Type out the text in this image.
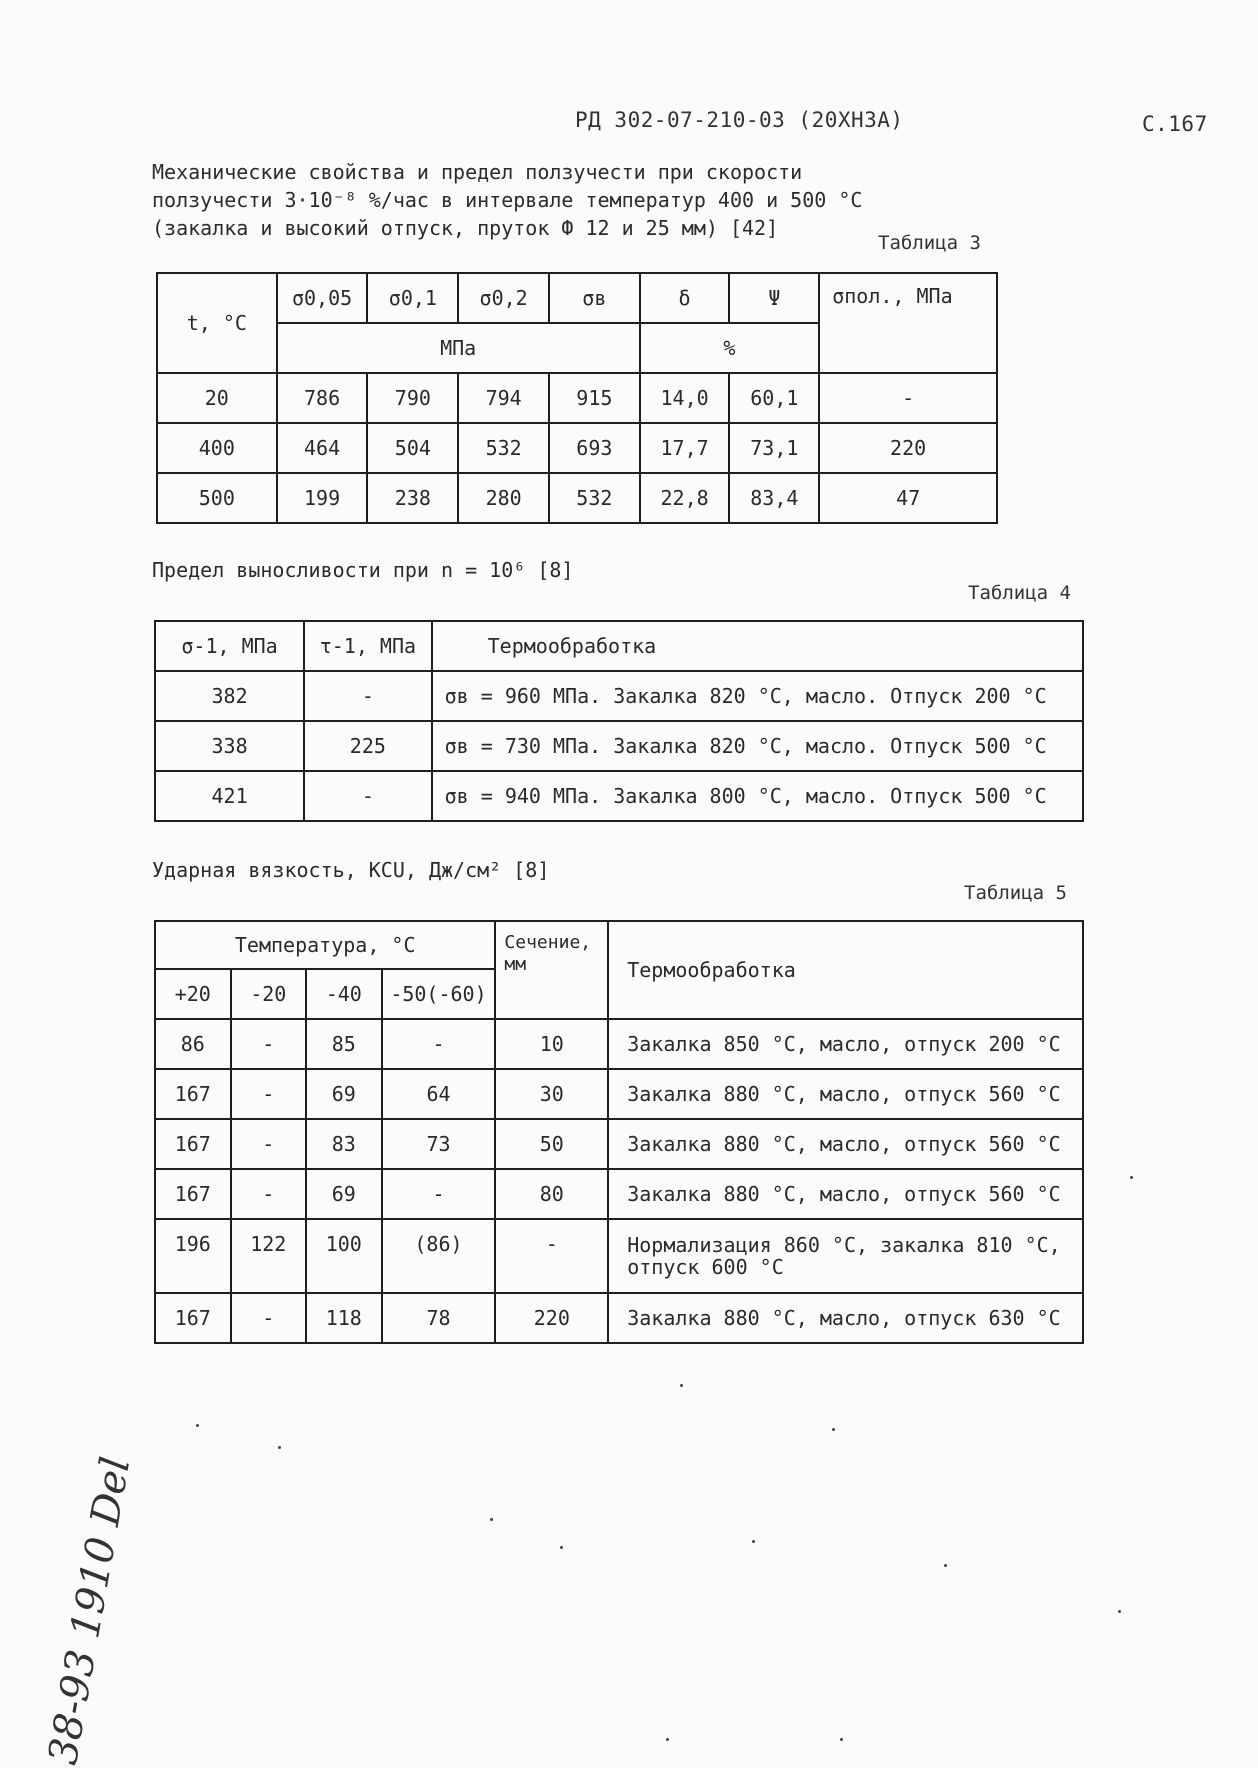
РД 302-07-210-03 (20ХН3А)	С.167
Механические свойства и предел ползучести при скорости
ползучести 3·10⁻⁸ %/час в интервале температур 400 и 500 °С
(закалка и высокий отпуск, пруток Ф 12 и 25 мм) [42]
Таблица 3
t, °С	σ0,05	σ0,1	σ0,2	σв	δ	Ψ	σпол., МПа
	МПа				%		
20	786	790	794	915	14,0	60,1	-
400	464	504	532	693	17,7	73,1	220
500	199	238	280	532	22,8	83,4	47
Предел выносливости при n = 10⁶ [8]
Таблица 4
σ-1, МПа	τ-1, МПа	Термообработка
382	-	σв = 960 МПа. Закалка 820 °С, масло. Отпуск 200 °С
338	225	σв = 730 МПа. Закалка 820 °С, масло. Отпуск 500 °С
421	-	σв = 940 МПа. Закалка 800 °С, масло. Отпуск 500 °С
Ударная вязкость, KCU, Дж/см² [8]
Таблица 5
Температура, °С				Сечение, мм	Термообработка
+20	-20	-40	-50(-60)		
86	-	85	-	10	Закалка 850 °С, масло, отпуск 200 °С
167	-	69	64	30	Закалка 880 °С, масло, отпуск 560 °С
167	-	83	73	50	Закалка 880 °С, масло, отпуск 560 °С
167	-	69	-	80	Закалка 880 °С, масло, отпуск 560 °С
196	122	100	(86)	-	Нормализация 860 °С, закалка 810 °С, отпуск 600 °С
167	-	118	78	220	Закалка 880 °С, масло, отпуск 630 °С
38-93 1910 Del
